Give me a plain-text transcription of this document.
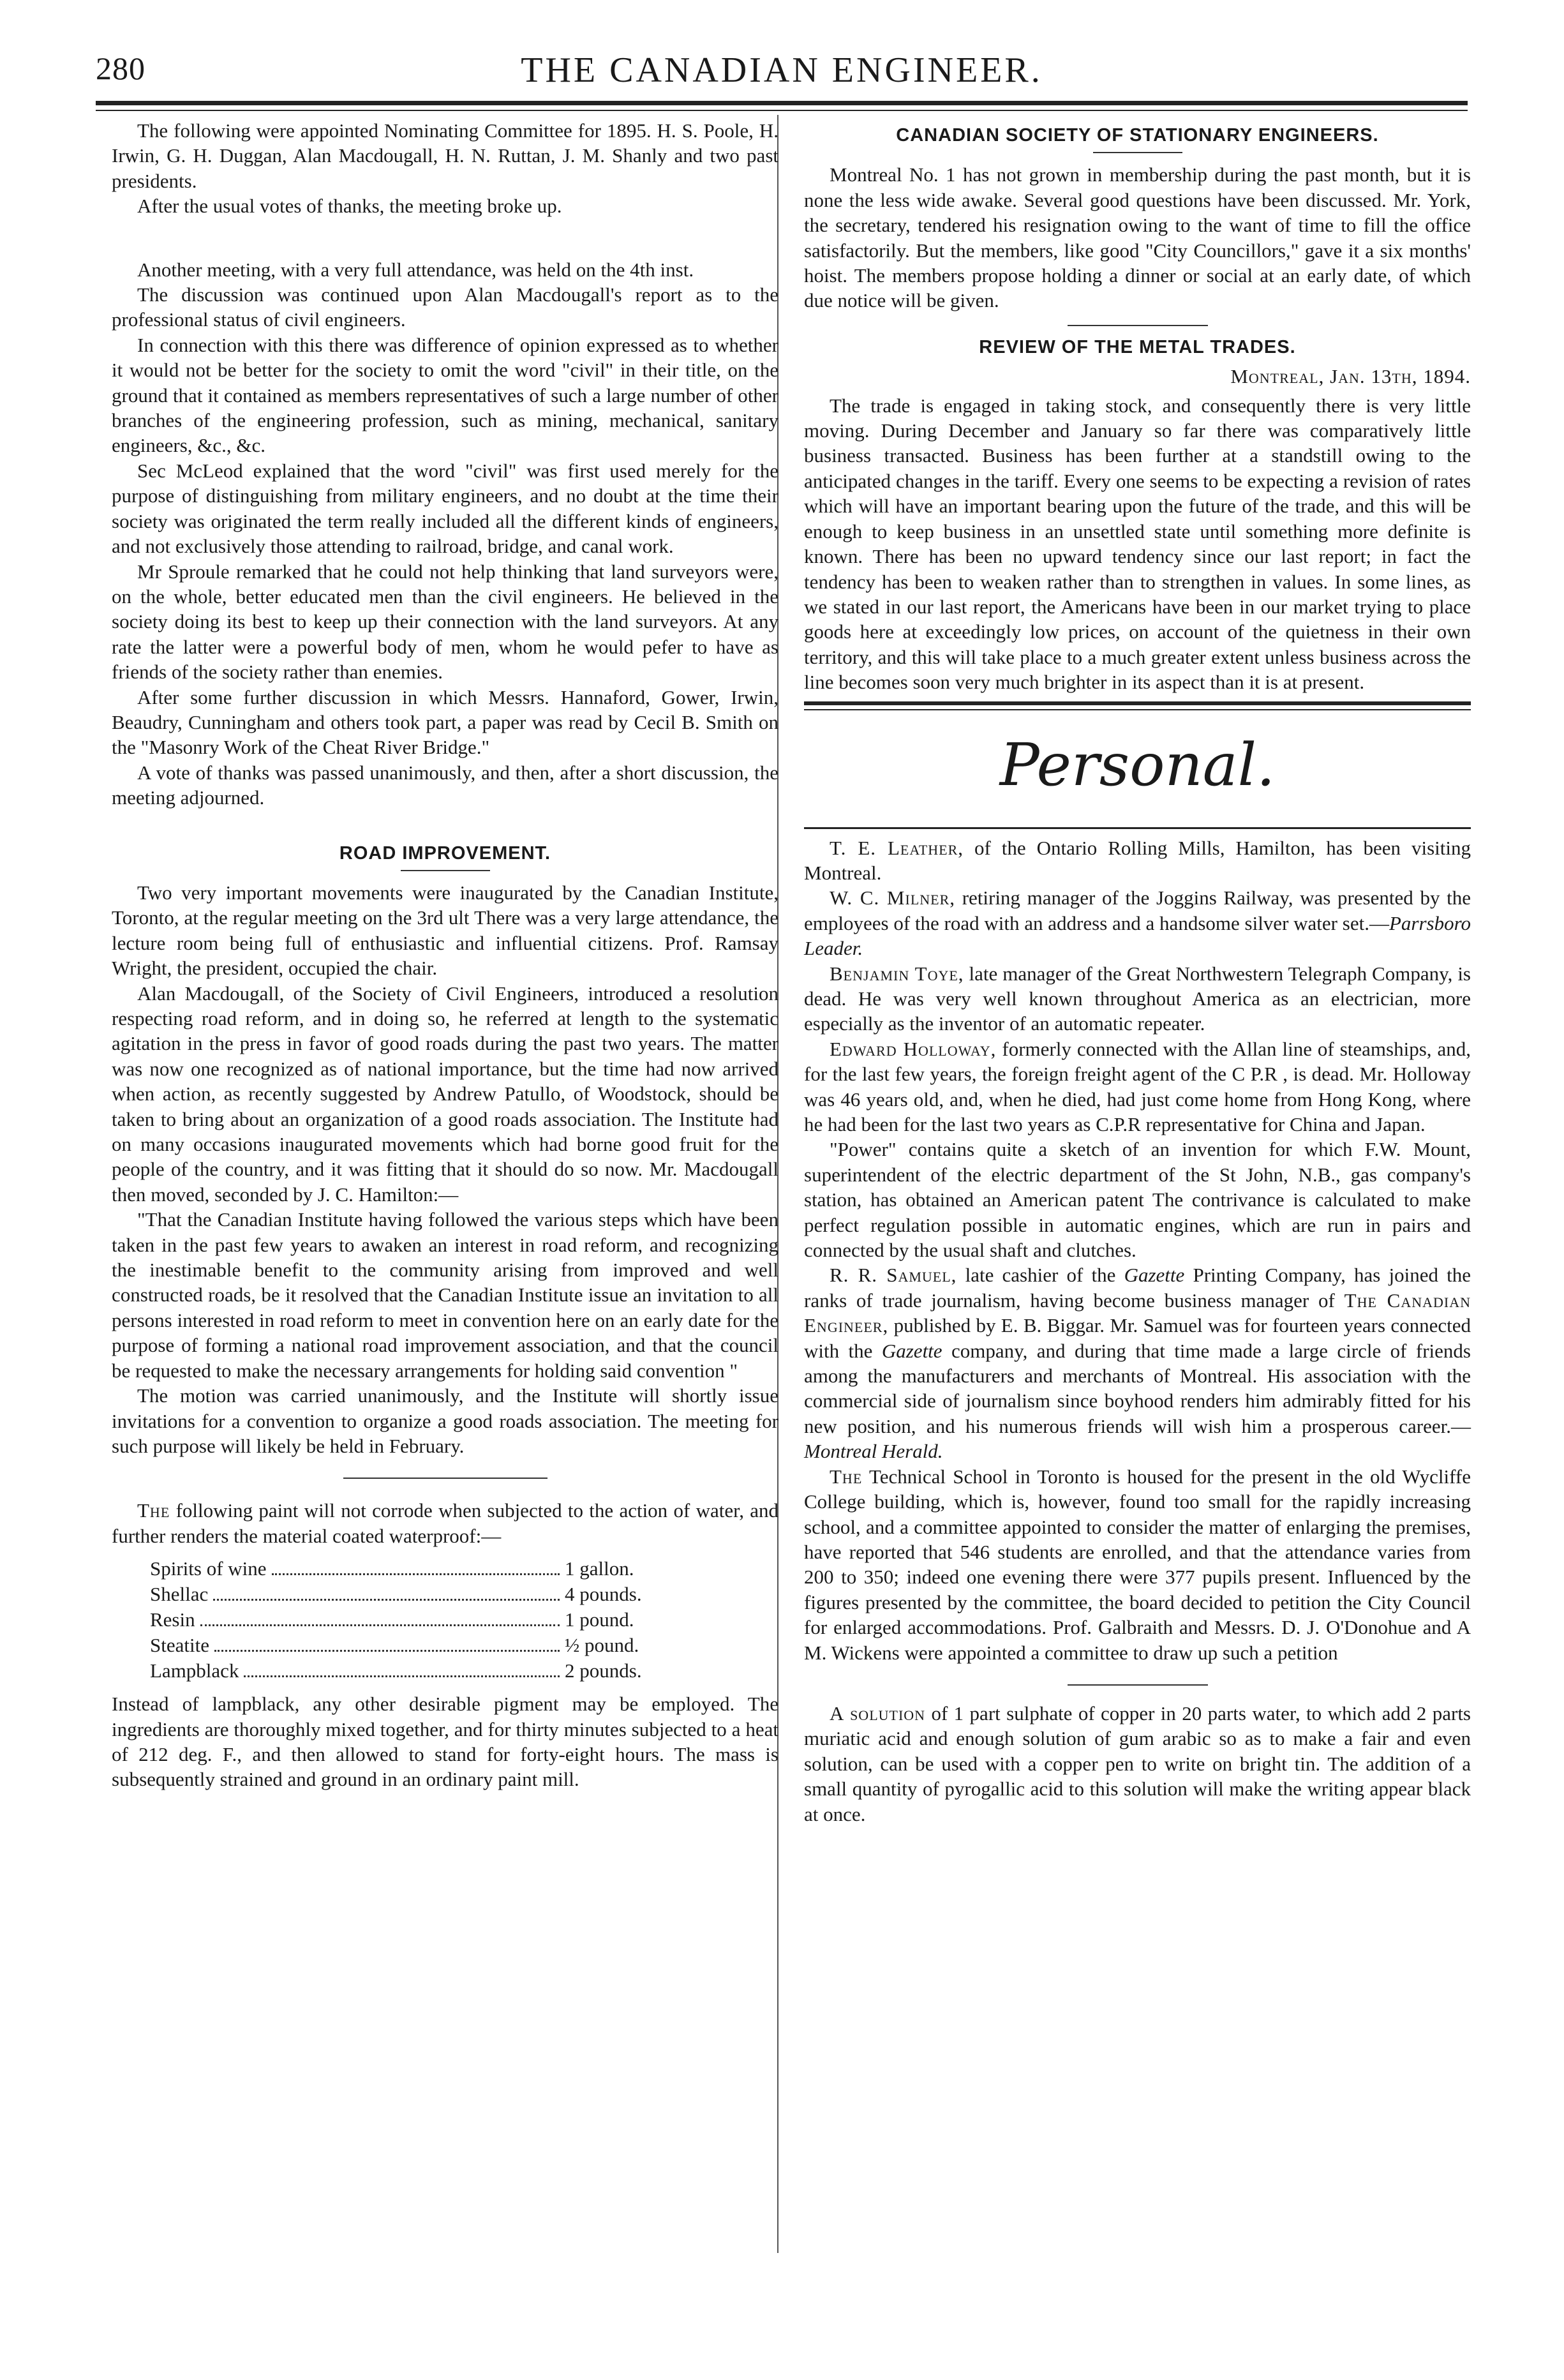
280	THE CANADIAN ENGINEER.

The following were appointed Nominating Committee for 1895. H. S. Poole, H. Irwin, G. H. Duggan, Alan Macdougall, H. N. Ruttan, J. M. Shanly and two past presidents.

After the usual votes of thanks, the meeting broke up.

Another meeting, with a very full attendance, was held on the 4th inst.

The discussion was continued upon Alan Macdougall's report as to the professional status of civil engineers.

In connection with this there was difference of opinion expressed as to whether it would not be better for the society to omit the word "civil" in their title, on the ground that it contained as members representatives of such a large number of other branches of the engineering profession, such as mining, mechanical, sanitary engineers, &c., &c.

Sec McLeod explained that the word "civil" was first used merely for the purpose of distinguishing from military engineers, and no doubt at the time their society was originated the term really included all the different kinds of engineers, and not exclusively those attending to railroad, bridge, and canal work.

Mr Sproule remarked that he could not help thinking that land surveyors were, on the whole, better educated men than the civil engineers. He believed in the society doing its best to keep up their connection with the land surveyors. At any rate the latter were a powerful body of men, whom he would pefer to have as friends of the society rather than enemies.

After some further discussion in which Messrs. Hannaford, Gower, Irwin, Beaudry, Cunningham and others took part, a paper was read by Cecil B. Smith on the "Masonry Work of the Cheat River Bridge."

A vote of thanks was passed unanimously, and then, after a short discussion, the meeting adjourned.

ROAD IMPROVEMENT.

Two very important movements were inaugurated by the Canadian Institute, Toronto, at the regular meeting on the 3rd ult There was a very large attendance, the lecture room being full of enthusiastic and influential citizens. Prof. Ramsay Wright, the president, occupied the chair.

Alan Macdougall, of the Society of Civil Engineers, introduced a resolution respecting road reform, and in doing so, he referred at length to the systematic agitation in the press in favor of good roads during the past two years. The matter was now one recognized as of national importance, but the time had now arrived when action, as recently suggested by Andrew Patullo, of Woodstock, should be taken to bring about an organization of a good roads association. The Institute had on many occasions inaugurated movements which had borne good fruit for the people of the country, and it was fitting that it should do so now. Mr. Macdougall then moved, seconded by J. C. Hamilton:—

"That the Canadian Institute having followed the various steps which have been taken in the past few years to awaken an interest in road reform, and recognizing the inestimable benefit to the community arising from improved and well constructed roads, be it resolved that the Canadian Institute issue an invitation to all persons interested in road reform to meet in convention here on an early date for the purpose of forming a national road improvement association, and that the council be requested to make the necessary arrangements for holding said convention "

The motion was carried unanimously, and the Institute will shortly issue invitations for a convention to organize a good roads association. The meeting for such purpose will likely be held in February.

The following paint will not corrode when subjected to the action of water, and further renders the material coated waterproof:—

Spirits of wine	1 gallon.
Shellac	4 pounds.
Resin	1 pound.
Steatite	½ pound.
Lampblack	2 pounds.

Instead of lampblack, any other desirable pigment may be employed. The ingredients are thoroughly mixed together, and for thirty minutes subjected to a heat of 212 deg. F., and then allowed to stand for forty-eight hours. The mass is subsequently strained and ground in an ordinary paint mill.

CANADIAN SOCIETY OF STATIONARY ENGINEERS.

Montreal No. 1 has not grown in membership during the past month, but it is none the less wide awake. Several good questions have been discussed. Mr. York, the secretary, tendered his resignation owing to the want of time to fill the office satisfactorily. But the members, like good "City Councillors," gave it a six months' hoist. The members propose holding a dinner or social at an early date, of which due notice will be given.

REVIEW OF THE METAL TRADES.
Montreal, Jan. 13th, 1894.

The trade is engaged in taking stock, and consequently there is very little moving. During December and January so far there was comparatively little business transacted. Business has been further at a standstill owing to the anticipated changes in the tariff. Every one seems to be expecting a revision of rates which will have an important bearing upon the future of the trade, and this will be enough to keep business in an unsettled state until something more definite is known. There has been no upward tendency since our last report; in fact the tendency has been to weaken rather than to strengthen in values. In some lines, as we stated in our last report, the Americans have been in our market trying to place goods here at exceedingly low prices, on account of the quietness in their own territory, and this will take place to a much greater extent unless business across the line becomes soon very much brighter in its aspect than it is at present.

Personal.

T. E. Leather, of the Ontario Rolling Mills, Hamilton, has been visiting Montreal.

W. C. Milner, retiring manager of the Joggins Railway, was presented by the employees of the road with an address and a handsome silver water set.—Parrsboro Leader.

Benjamin Toye, late manager of the Great Northwestern Telegraph Company, is dead. He was very well known throughout America as an electrician, more especially as the inventor of an automatic repeater.

Edward Holloway, formerly connected with the Allan line of steamships, and, for the last few years, the foreign freight agent of the C P.R , is dead. Mr. Holloway was 46 years old, and, when he died, had just come home from Hong Kong, where he had been for the last two years as C.P.R representative for China and Japan.

"Power" contains quite a sketch of an invention for which F.W. Mount, superintendent of the electric department of the St John, N.B., gas company's station, has obtained an American patent The contrivance is calculated to make perfect regulation possible in automatic engines, which are run in pairs and connected by the usual shaft and clutches.

R. R. Samuel, late cashier of the Gazette Printing Company, has joined the ranks of trade journalism, having become business manager of The Canadian Engineer, published by E. B. Biggar. Mr. Samuel was for fourteen years connected with the Gazette company, and during that time made a large circle of friends among the manufacturers and merchants of Montreal. His association with the commercial side of journalism since boyhood renders him admirably fitted for his new position, and his numerous friends will wish him a prosperous career.—Montreal Herald.

The Technical School in Toronto is housed for the present in the old Wycliffe College building, which is, however, found too small for the rapidly increasing school, and a committee appointed to consider the matter of enlarging the premises, have reported that 546 students are enrolled, and that the attendance varies from 200 to 350; indeed one evening there were 377 pupils present. Influenced by the figures presented by the committee, the board decided to petition the City Council for enlarged accommodations. Prof. Galbraith and Messrs. D. J. O'Donohue and A M. Wickens were appointed a committee to draw up such a petition

A solution of 1 part sulphate of copper in 20 parts water, to which add 2 parts muriatic acid and enough solution of gum arabic so as to make a fair and even solution, can be used with a copper pen to write on bright tin. The addition of a small quantity of pyrogallic acid to this solution will make the writing appear black at once.
